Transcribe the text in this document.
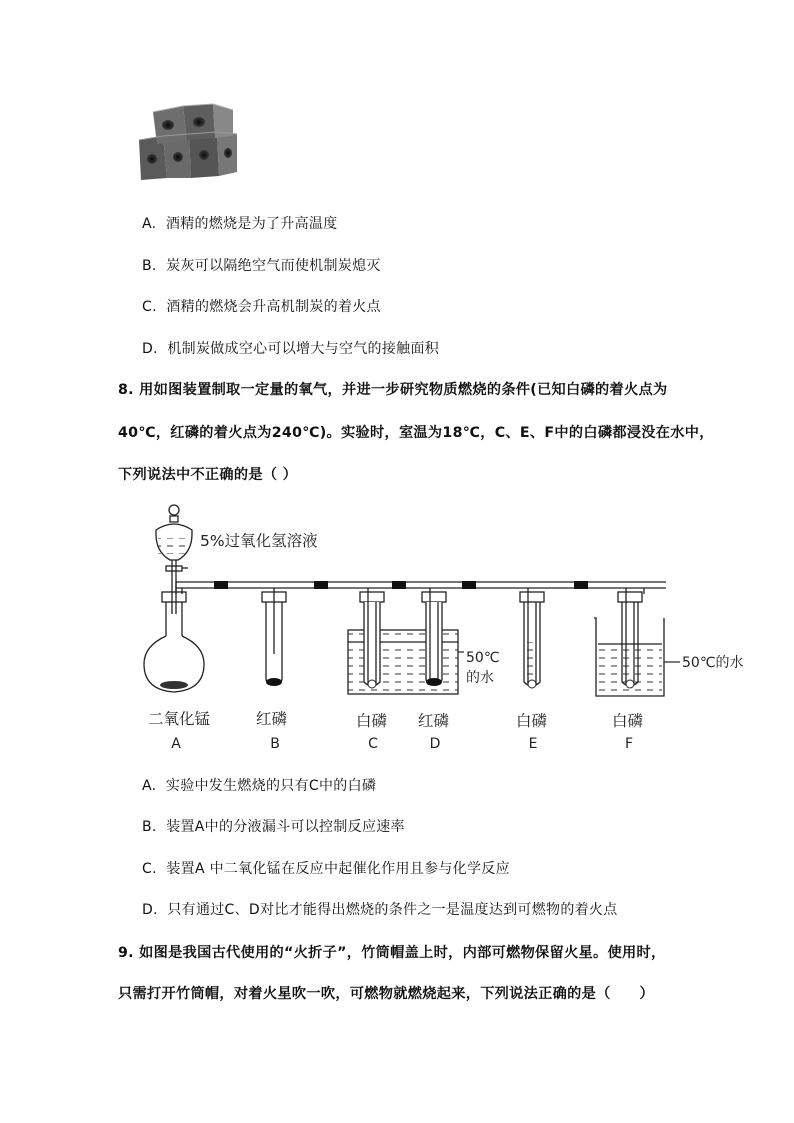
A. 酒精的燃烧是为了升高温度
B. 炭灰可以隔绝空气而使机制炭熄灭
C. 酒精的燃烧会升高机制炭的着火点
D. 机制炭做成空心可以增大与空气的接触面积
8. 用如图装置制取一定量的氧气，并进一步研究物质燃烧的条件(已知白磷的着火点为
40℃，红磷的着火点为240℃)。实验时，室温为18℃，C、E、F中的白磷都浸没在水中，
下列说法中不正确的是（ ）
5%过氧化氢溶液
50℃
的水
50℃的水
二氧化锰	红磷	白磷 红磷	白磷	白磷
A	B	C	D	E	F
A. 实验中发生燃烧的只有C中的白磷
B. 装置A中的分液漏斗可以控制反应速率
C. 装置A 中二氧化锰在反应中起催化作用且参与化学反应
D. 只有通过C、D对比才能得出燃烧的条件之一是温度达到可燃物的着火点
9. 如图是我国古代使用的“火折子”，竹筒帽盖上时，内部可燃物保留火星。使用时，
只需打开竹筒帽，对着火星吹一吹，可燃物就燃烧起来，下列说法正确的是（　　）
